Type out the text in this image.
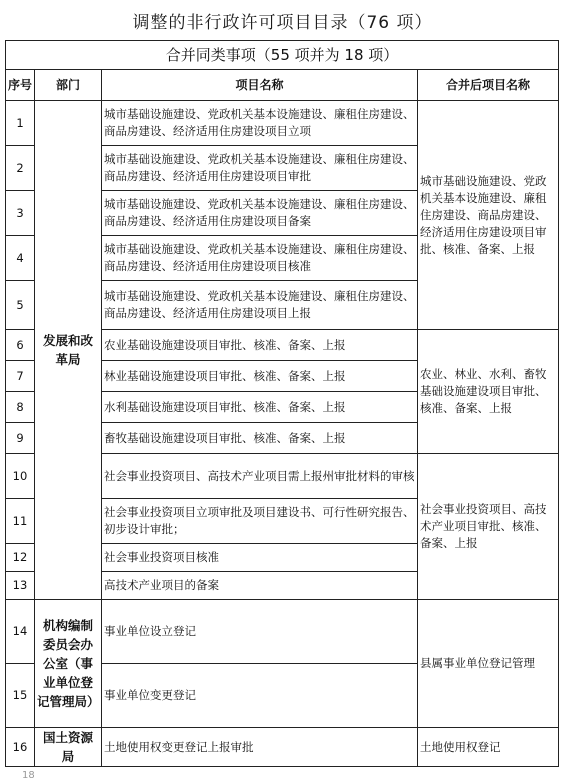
调整的非行政许可项目目录（76 项）
合并同类事项（55 项并为 18 项）			
序号	部门	项目名称	合并后项目名称
1	发展和改革局	城市基础设施建设、党政机关基本设施建设、廉租住房建设、商品房建设、经济适用住房建设项目立项	城市基础设施建设、党政机关基本设施建设、廉租住房建设、商品房建设、经济适用住房建设项目审批、核准、备案、上报
2		城市基础设施建设、党政机关基本设施建设、廉租住房建设、商品房建设、经济适用住房建设项目审批	
3		城市基础设施建设、党政机关基本设施建设、廉租住房建设、商品房建设、经济适用住房建设项目备案	
4		城市基础设施建设、党政机关基本设施建设、廉租住房建设、商品房建设、经济适用住房建设项目核准	
5		城市基础设施建设、党政机关基本设施建设、廉租住房建设、商品房建设、经济适用住房建设项目上报	
6		农业基础设施建设项目审批、核准、备案、上报	农业、林业、水利、畜牧基础设施建设项目审批、核准、备案、上报
7		林业基础设施建设项目审批、核准、备案、上报	
8		水利基础设施建设项目审批、核准、备案、上报	
9		畜牧基础设施建设项目审批、核准、备案、上报	
10		社会事业投资项目、高技术产业项目需上报州审批材料的审核	社会事业投资项目、高技术产业项目审批、核准、备案、上报
11		社会事业投资项目立项审批及项目建设书、可行性研究报告、初步设计审批；	
12		社会事业投资项目核准	
13		高技术产业项目的备案	
14	机构编制委员会办公室（事业单位登记管理局）	事业单位设立登记	县属事业单位登记管理
15		事业单位变更登记	
16	国土资源局	土地使用权变更登记上报审批	土地使用权登记
18
